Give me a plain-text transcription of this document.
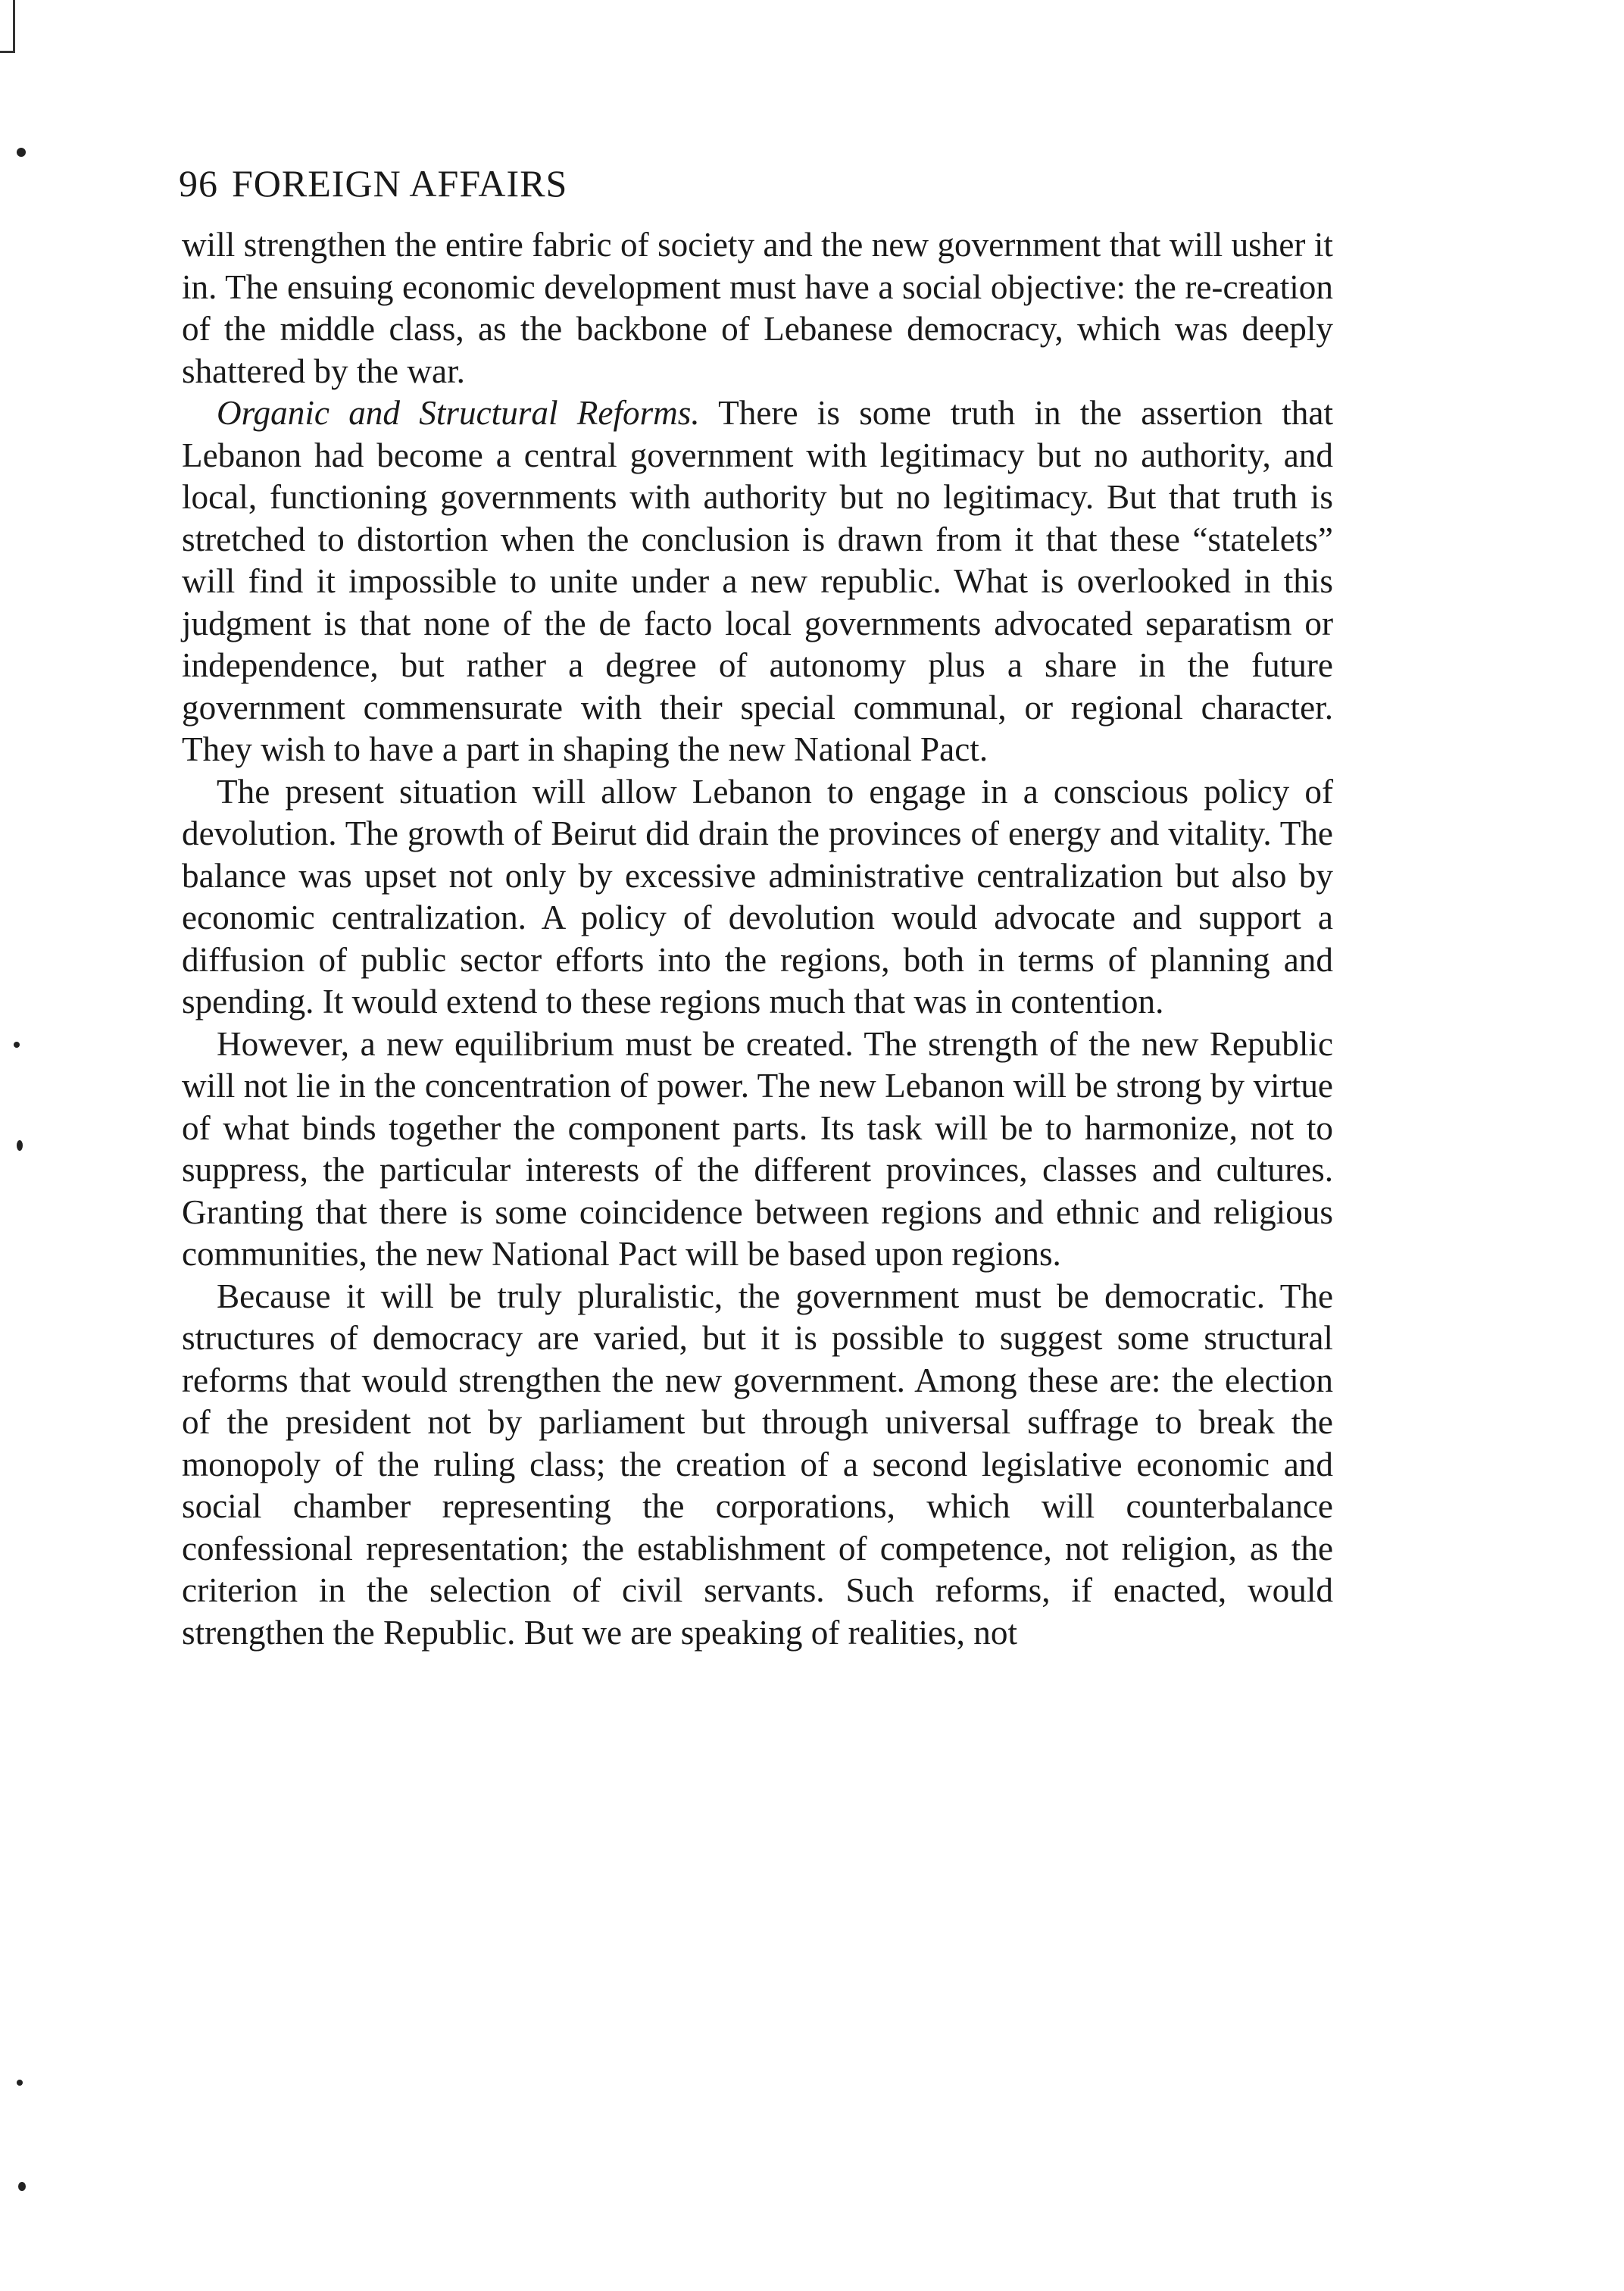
96 FOREIGN AFFAIRS

will strengthen the entire fabric of society and the new government that will usher it in. The ensuing economic development must have a social objective: the re-creation of the middle class, as the backbone of Lebanese democracy, which was deeply shattered by the war.

Organic and Structural Reforms. There is some truth in the assertion that Lebanon had become a central government with legitimacy but no authority, and local, functioning governments with authority but no legitimacy. But that truth is stretched to distortion when the conclusion is drawn from it that these “statelets” will find it impossible to unite under a new republic. What is overlooked in this judgment is that none of the de facto local governments advocated separatism or independence, but rather a degree of autonomy plus a share in the future government commensurate with their special communal, or regional character. They wish to have a part in shaping the new National Pact.

The present situation will allow Lebanon to engage in a conscious policy of devolution. The growth of Beirut did drain the provinces of energy and vitality. The balance was upset not only by excessive administrative centralization but also by economic centralization. A policy of devolution would advocate and support a diffusion of public sector efforts into the regions, both in terms of planning and spending. It would extend to these regions much that was in contention.

However, a new equilibrium must be created. The strength of the new Republic will not lie in the concentration of power. The new Lebanon will be strong by virtue of what binds together the component parts. Its task will be to harmonize, not to suppress, the particular interests of the different provinces, classes and cultures. Granting that there is some coincidence between regions and ethnic and religious communities, the new National Pact will be based upon regions.

Because it will be truly pluralistic, the government must be democratic. The structures of democracy are varied, but it is possible to suggest some structural reforms that would strengthen the new government. Among these are: the election of the president not by parliament but through universal suffrage to break the monopoly of the ruling class; the creation of a second legislative economic and social chamber representing the corporations, which will counterbalance confessional representation; the establishment of competence, not religion, as the criterion in the selection of civil servants. Such reforms, if enacted, would strengthen the Republic. But we are speaking of realities, not
